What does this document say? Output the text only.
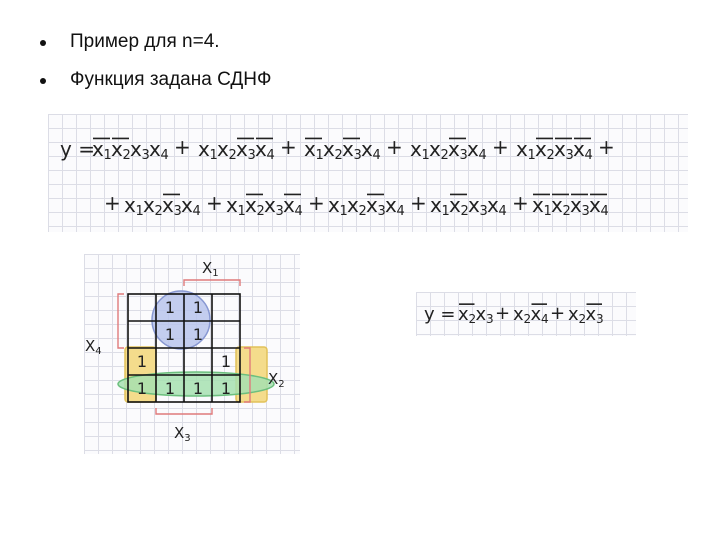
Пример для n=4.
Функция задана СДНФ
y =
x 1 x 2 x 3 x 4 + x 1 x 2 x 3 x 4 + x 1 x 2 x 3 x 4 + x 1 x 2 x 3 x 4 + x 1 x 2 x 3 x 4 +
+ x 1 x 2 x 3 x 4 + x 1 x 2 x 3 x 4 + x 1 x 2 x 3 x 4 + x 1 x 2 x 3 x 4 + x 1 x 2 x 3 x 4
1 1
1 1
1	1
1 1 1 1
$X_1$
$X_4$
$X_2$
$X_3$
y = x 2 x 3 + x 2 x 4 + x 2 x 3
